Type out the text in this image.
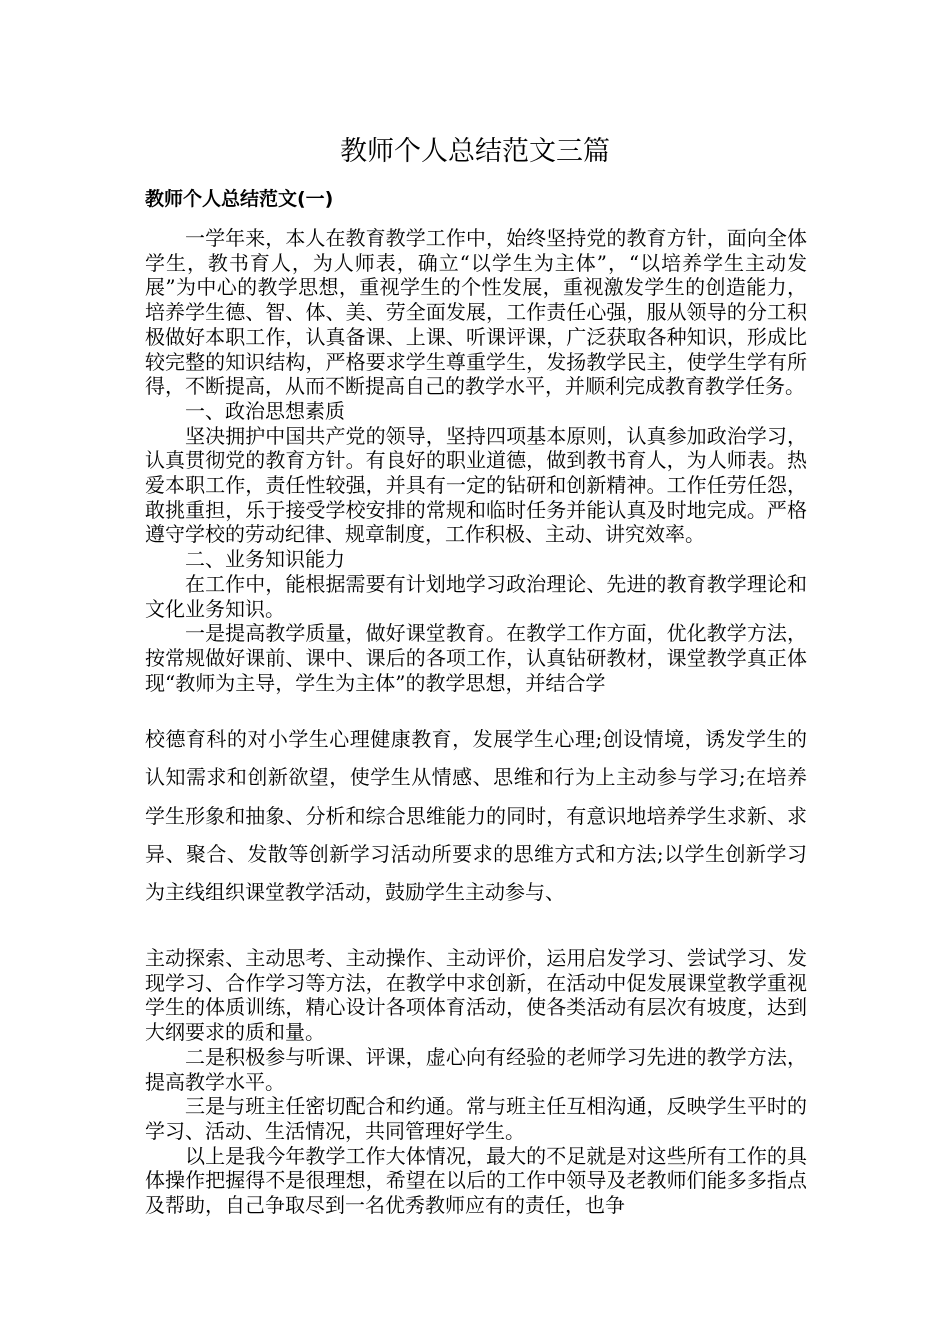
教师个人总结范文三篇
教师个人总结范文(一)

一学年来，本人在教育教学工作中，始终坚持党的教育方针，面向全体学生，教书育人，为人师表，确立“以学生为主体”，“以培养学生主动发展”为中心的教学思想，重视学生的个性发展，重视激发学生的创造能力，培养学生德、智、体、美、劳全面发展，工作责任心强，服从领导的分工积极做好本职工作，认真备课、上课、听课评课，广泛获取各种知识，形成比较完整的知识结构，严格要求学生尊重学生，发扬教学民主，使学生学有所得，不断提高，从而不断提高自己的教学水平，并顺利完成教育教学任务。

一、政治思想素质

坚决拥护中国共产党的领导，坚持四项基本原则，认真参加政治学习，认真贯彻党的教育方针。有良好的职业道德，做到教书育人，为人师表。热爱本职工作，责任性较强，并具有一定的钻研和创新精神。工作任劳任怨，敢挑重担，乐于接受学校安排的常规和临时任务并能认真及时地完成。严格遵守学校的劳动纪律、规章制度，工作积极、主动、讲究效率。

二、业务知识能力

在工作中，能根据需要有计划地学习政治理论、先进的教育教学理论和文化业务知识。

一是提高教学质量，做好课堂教育。在教学工作方面，优化教学方法，按常规做好课前、课中、课后的各项工作，认真钻研教材，课堂教学真正体现“教师为主导，学生为主体”的教学思想，并结合学

校德育科的对小学生心理健康教育，发展学生心理;创设情境，诱发学生的认知需求和创新欲望，使学生从情感、思维和行为上主动参与学习;在培养学生形象和抽象、分析和综合思维能力的同时，有意识地培养学生求新、求异、聚合、发散等创新学习活动所要求的思维方式和方法;以学生创新学习为主线组织课堂教学活动，鼓励学生主动参与、

主动探索、主动思考、主动操作、主动评价，运用启发学习、尝试学习、发现学习、合作学习等方法，在教学中求创新，在活动中促发展课堂教学重视学生的体质训练，精心设计各项体育活动，使各类活动有层次有坡度，达到大纲要求的质和量。

二是积极参与听课、评课，虚心向有经验的老师学习先进的教学方法，提高教学水平。

三是与班主任密切配合和约通。常与班主任互相沟通，反映学生平时的学习、活动、生活情况，共同管理好学生。

以上是我今年教学工作大体情况，最大的不足就是对这些所有工作的具体操作把握得不是很理想，希望在以后的工作中领导及老教师们能多多指点及帮助，自己争取尽到一名优秀教师应有的责任，也争
